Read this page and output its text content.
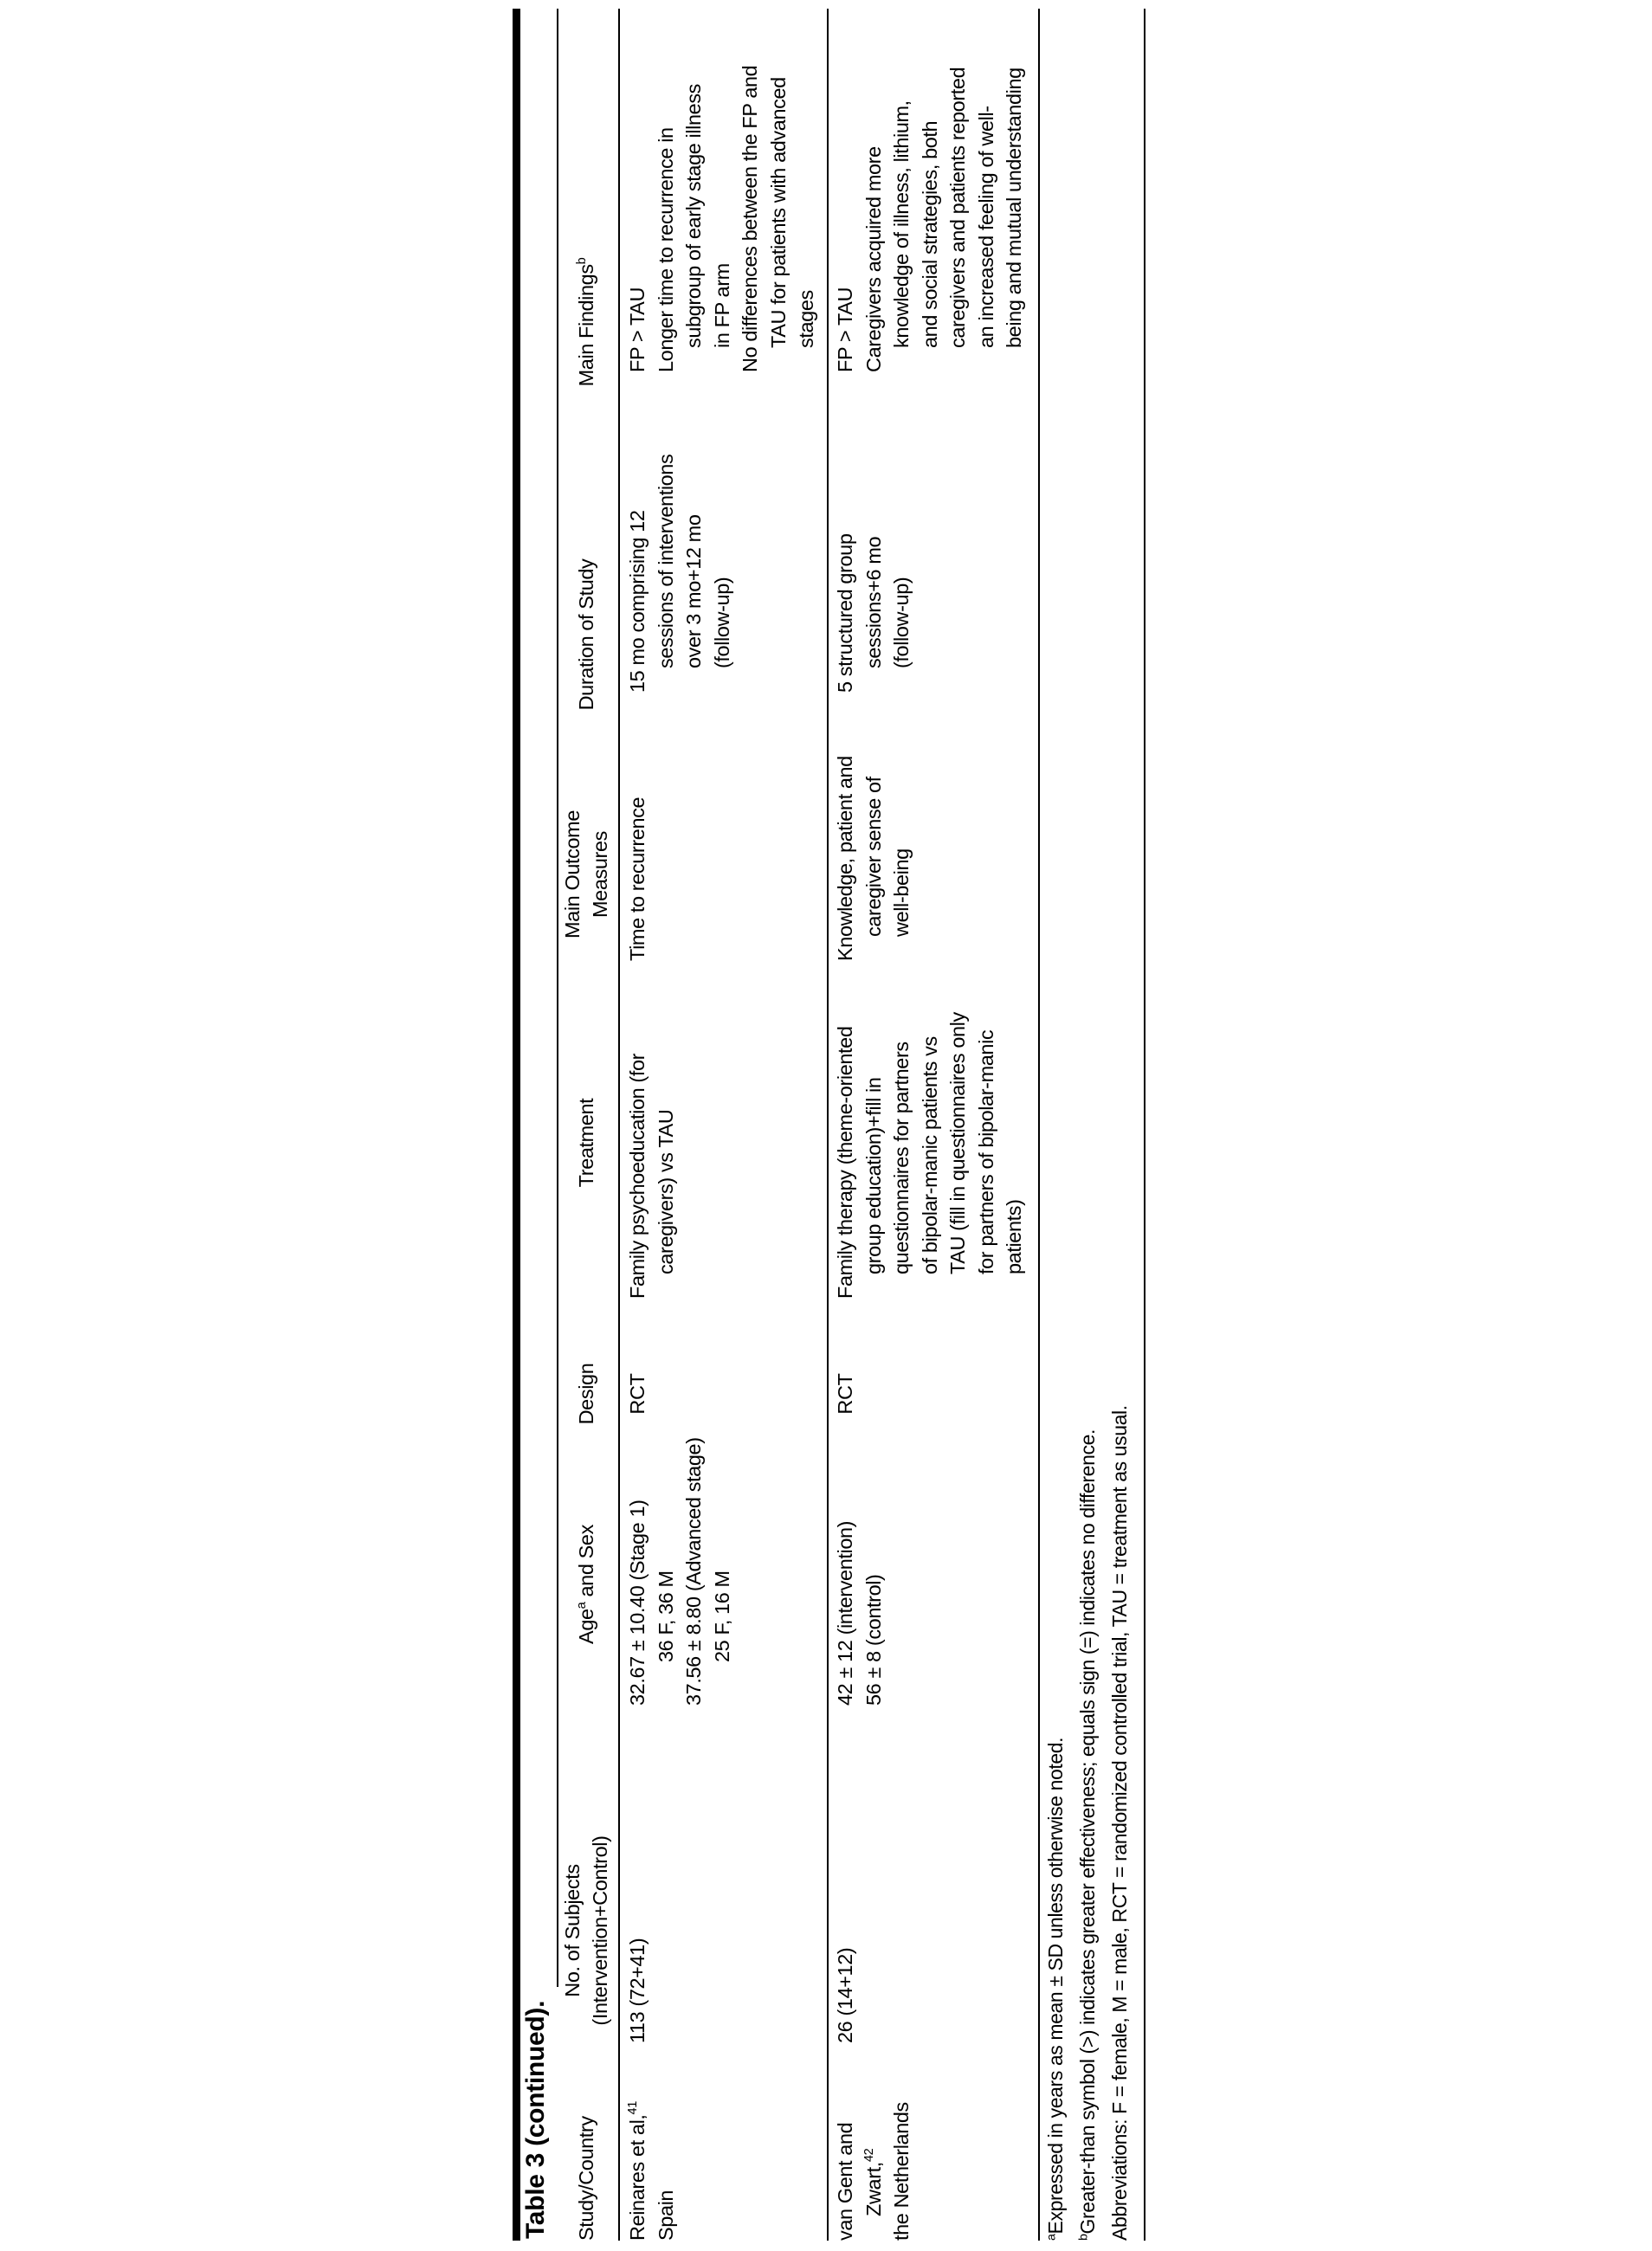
Table 3 (continued). Study/Country
No. of Subjects (Intervention+Control)
Age$^a$ and Sex
Design
Treatment
Main Outcome Measures
Duration of Study
Main Findings$^b$
Reinares et al,$^{41}$
Spain
113 (72+41)
32.67 ± 10.40 (Stage 1) 36 F, 36 M 37.56 ± 8.80 (Advanced stage) 25 F, 16 M
RCT
Family psychoeducation (for caregivers) vs TAU
Time to recurrence
15 mo comprising 12 sessions of interventions over 3 mo+12 mo (follow-up)
FP > TAU Longer time to recurrence in subgroup of early stage illness in FP arm No differences between the FP and TAU for patients with advanced stages
van Gent and Zwart,$^{42}$ the Netherlands
26 (14+12)
42 ± 12 (intervention) 56 ± 8 (control)
RCT
Family therapy (theme-oriented group education)+fill in questionnaires for partners of bipolar-manic patients vs TAU (fill in questionnaires only for partners of bipolar-manic patients)
Knowledge, patient and caregiver sense of well-being
5 structured group sessions+6 mo (follow-up)
FP > TAU Caregivers acquired more knowledge of illness, lithium, and social strategies, both caregivers and patients reported an increased feeling of well- being and mutual understanding
$^a$Expressed in years as mean ± SD unless otherwise noted.
$^b$Greater-than symbol (>) indicates greater effectiveness; equals sign (=) indicates no difference. Abbreviations: F = female, M = male, RCT = randomized controlled trial, TAU = treatment as usual.
